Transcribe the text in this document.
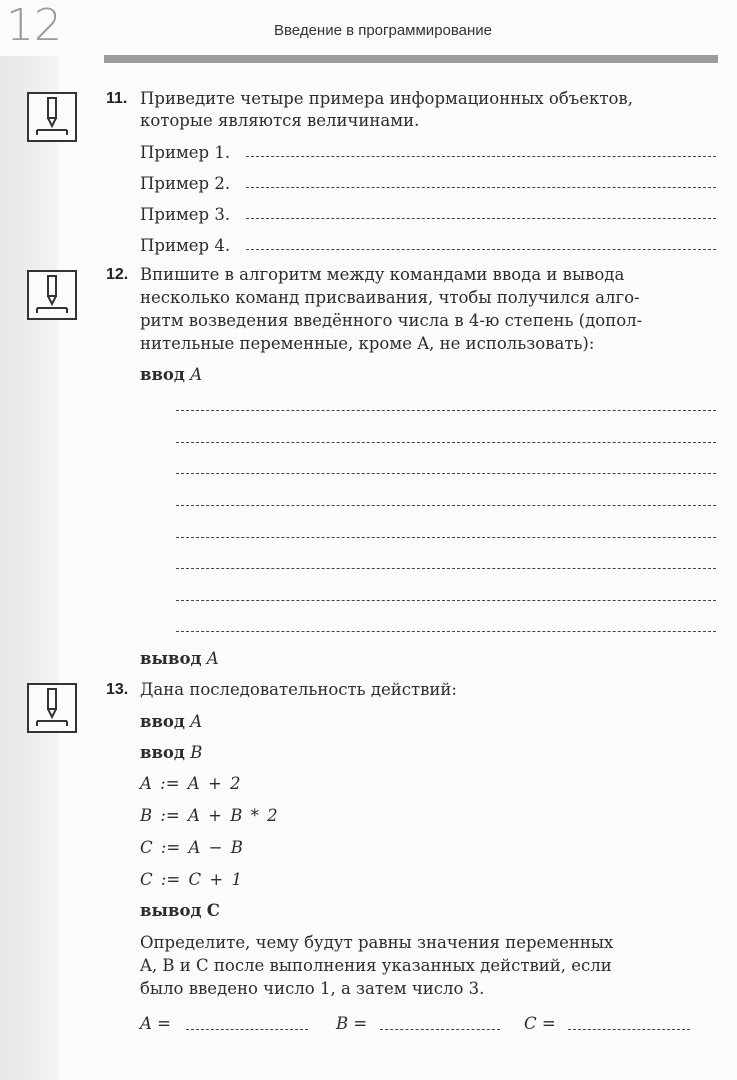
12	Введение в программирование
11. Приведите четыре примера информационных объектов,
которые являются величинами.
Пример 1.
Пример 2.
Пример 3.
Пример 4.
12. Впишите в алгоритм между командами ввода и вывода
несколько команд присваивания, чтобы получился алго-
ритм возведения введённого числа в 4-ю степень (допол-
нительные переменные, кроме A, не использовать):
ввод A
вывод A
13. Дана последовательность действий:
ввод A
ввод B
A := A + 2
B := A + B * 2
C := A − B
C := C + 1
вывод C
Определите, чему будут равны значения переменных
A, B и C после выполнения указанных действий, если
было введено число 1, а затем число 3.
A =	B =	C =
